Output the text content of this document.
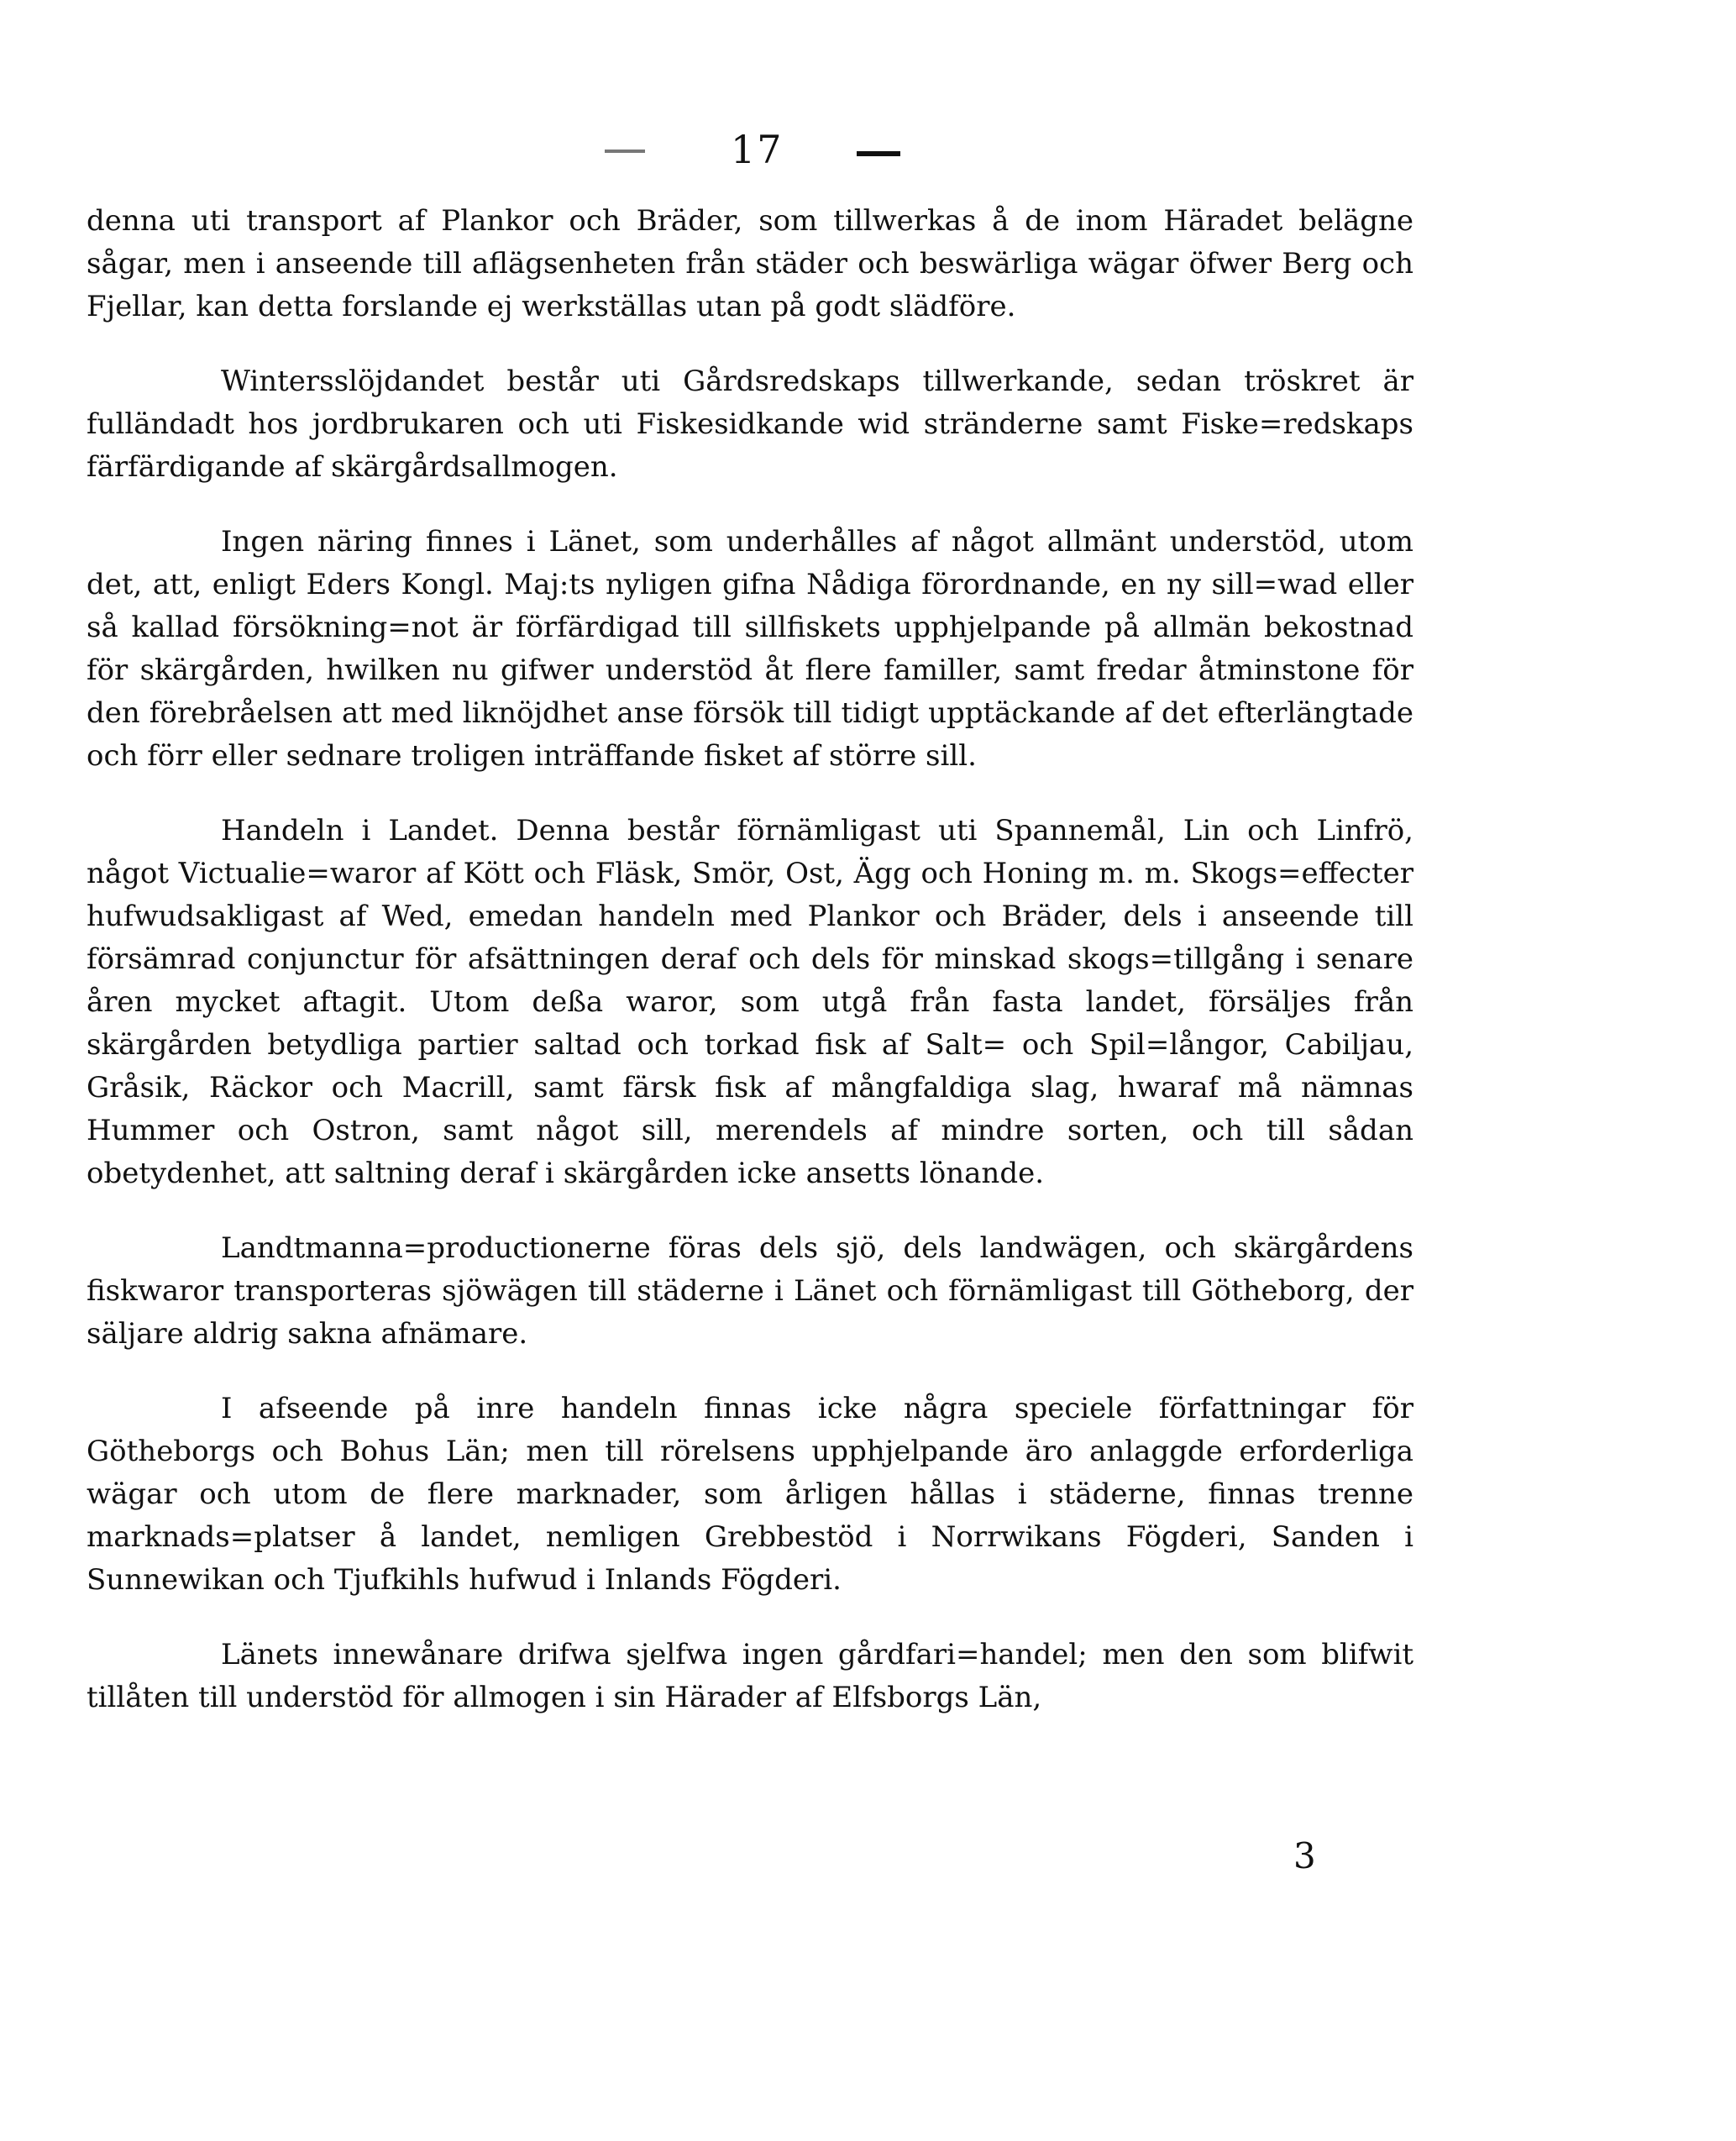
17

denna uti transport af Plankor och Bräder, som tillwerkas å de inom Häradet belägne sågar, men i anseende till aflägsenheten från städer och beswärliga wägar öfwer Berg och Fjellar, kan detta forslande ej werkställas utan på godt slädföre.

Wintersslöjdandet består uti Gårdsredskaps tillwerkande, sedan tröskret är fulländadt hos jordbrukaren och uti Fiskesidkande wid stränderne samt Fiske=redskaps färfärdigande af skärgårdsallmogen.

Ingen näring finnes i Länet, som underhålles af något allmänt understöd, utom det, att, enligt Eders Kongl. Maj:ts nyligen gifna Nådiga förordnande, en ny sill=wad eller så kallad försökning=not är förfärdigad till sillfiskets upphjelpande på allmän bekostnad för skärgården, hwilken nu gifwer understöd åt flere familler, samt fredar åtminstone för den förebråelsen att med liknöjdhet anse försök till tidigt upptäckande af det efterlängtade och förr eller sednare troligen inträffande fisket af större sill.

Handeln i Landet. Denna består förnämligast uti Spannemål, Lin och Linfrö, något Victualie=waror af Kött och Fläsk, Smör, Ost, Ägg och Honing m. m. Skogs=effecter hufwudsakligast af Wed, emedan handeln med Plankor och Bräder, dels i anseende till försämrad conjunctur för afsättningen deraf och dels för minskad skogs=tillgång i senare åren mycket aftagit. Utom deßa waror, som utgå från fasta landet, försäljes från skärgården betydliga partier saltad och torkad fisk af Salt= och Spil=långor, Cabiljau, Gråsik, Räckor och Macrill, samt färsk fisk af mångfaldiga slag, hwaraf må nämnas Hummer och Ostron, samt något sill, merendels af mindre sorten, och till sådan obetydenhet, att saltning deraf i skärgården icke ansetts lönande.

Landtmanna=productionerne föras dels sjö, dels landwägen, och skärgårdens fiskwaror transporteras sjöwägen till städerne i Länet och förnämligast till Götheborg, der säljare aldrig sakna afnämare.

I afseende på inre handeln finnas icke några speciele författningar för Götheborgs och Bohus Län; men till rörelsens upphjelpande äro anlaggde erforderliga wägar och utom de flere marknader, som årligen hållas i städerne, finnas trenne marknads=platser å landet, nemligen Grebbestöd i Norrwikans Fögderi, Sanden i Sunnewikan och Tjufkihls hufwud i Inlands Fögderi.

Länets innewånare drifwa sjelfwa ingen gårdfari=handel; men den som blifwit tillåten till understöd för allmogen i sin Härader af Elfsborgs Län,

3
